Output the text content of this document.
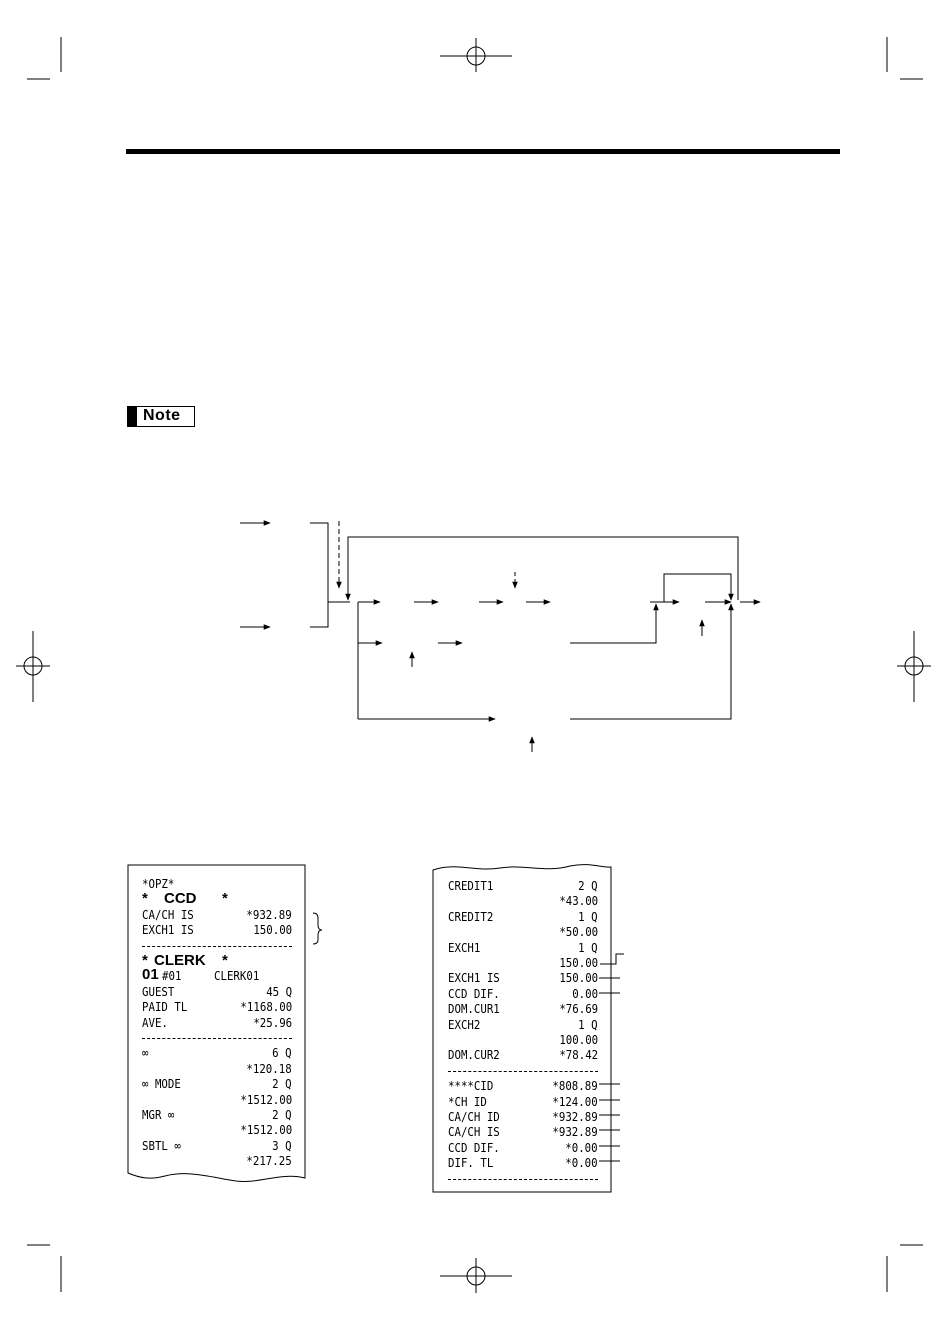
Note
*OPZ*
* CCD *
CA/CH IS	*932.89
EXCH1 IS	150.00
* CLERK *
01 #01	CLERK01
GUEST	45 Q
PAID TL	*1168.00
AVE.	*25.96
∞	6 Q
*120.18
∞ MODE	2 Q
*1512.00
MGR ∞	2 Q
*1512.00
SBTL ∞	3 Q
*217.25
CREDIT1	2 Q
*43.00
CREDIT2	1 Q
*50.00
EXCH1	1 Q
150.00
EXCH1 IS	150.00
CCD DIF.	0.00
DOM.CUR1	*76.69
EXCH2	1 Q
100.00
DOM.CUR2	*78.42
****CID	*808.89
*CH ID	*124.00
CA/CH ID	*932.89
CA/CH IS	*932.89
CCD DIF.	*0.00
DIF. TL	*0.00
